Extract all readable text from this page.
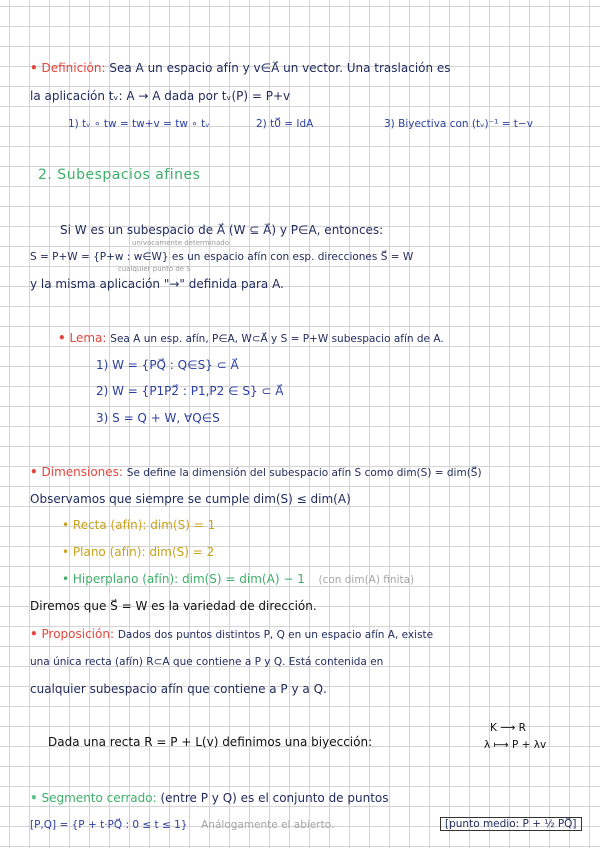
• Definición: Sea A un espacio afín y v∈A⃗ un vector. Una traslación es
la aplicación tᵥ: A → A dada por tᵥ(P) = P+v
1) tᵥ ∘ tw = tw+v = tw ∘ tᵥ	2) t0⃗ = IdA	3) Biyectiva con (tᵥ)⁻¹ = t−v
2. Subespacios afines
Si W es un subespacio de A⃗ (W ⊆ A⃗) y P∈A, entonces:
unívocamente determinado
S = P+W = {P+w : w∈W} es un espacio afín con esp. direcciones S⃗ = W
cualquier punto de S
y la misma aplicación "→" definida para A.
• Lema: Sea A un esp. afín, P∈A, W⊂A⃗ y S = P+W subespacio afín de A.
1) W = {PQ⃗ : Q∈S} ⊂ A⃗
2) W = {P1P2⃗ : P1,P2 ∈ S} ⊂ A⃗
3) S = Q + W, ∀Q∈S
• Dimensiones: Se define la dimensión del subespacio afín S como dim(S) = dim(S⃗)
Observamos que siempre se cumple dim(S) ≤ dim(A)
• Recta (afín): dim(S) = 1
• Plano (afín): dim(S) = 2
• Hiperplano (afín): dim(S) = dim(A) − 1 (con dim(A) finita)
Diremos que S⃗ = W es la variedad de dirección.
• Proposición: Dados dos puntos distintos P, Q en un espacio afín A, existe
una única recta (afín) R⊂A que contiene a P y Q. Está contenida en
cualquier subespacio afín que contiene a P y a Q.
Dada una recta R = P + L(v) definimos una biyección:
K ⟶ R
λ ⟼ P + λv
• Segmento cerrado: (entre P y Q) es el conjunto de puntos
[P,Q] = {P + t·PQ⃗ : 0 ≤ t ≤ 1} Análogamente el abierto.	[punto medio: P + ½ PQ⃗]
